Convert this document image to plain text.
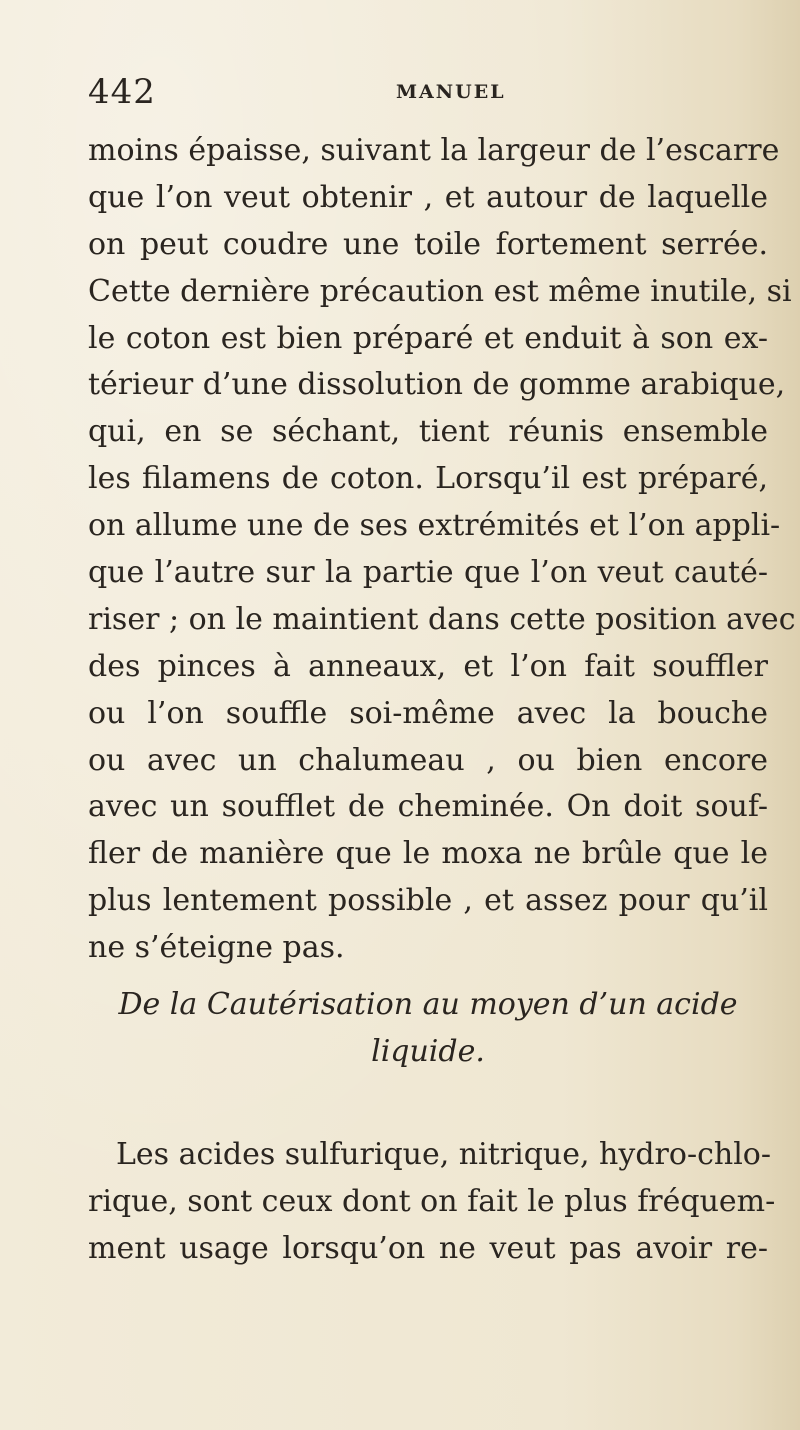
442	MANUEL
moins épaisse, suivant la largeur de l’escarre
que l’on veut obtenir , et autour de laquelle
on peut coudre une toile fortement serrée.
Cette dernière précaution est même inutile, si
le coton est bien préparé et enduit à son ex-
térieur d’une dissolution de gomme arabique,
qui, en se séchant, tient réunis ensemble
les filamens de coton. Lorsqu’il est préparé,
on allume une de ses extrémités et l’on appli-
que l’autre sur la partie que l’on veut cauté-
riser ; on le maintient dans cette position avec
des pinces à anneaux, et l’on fait souffler
ou l’on souffle soi-même avec la bouche
ou avec un chalumeau , ou bien encore
avec un soufflet de cheminée. On doit souf-
fler de manière que le moxa ne brûle que le
plus lentement possible , et assez pour qu’il
ne s’éteigne pas.
De la Cautérisation au moyen d’un acide
liquide.
Les acides sulfurique, nitrique, hydro-chlo-
rique, sont ceux dont on fait le plus fréquem-
ment usage lorsqu’on ne veut pas avoir re-
